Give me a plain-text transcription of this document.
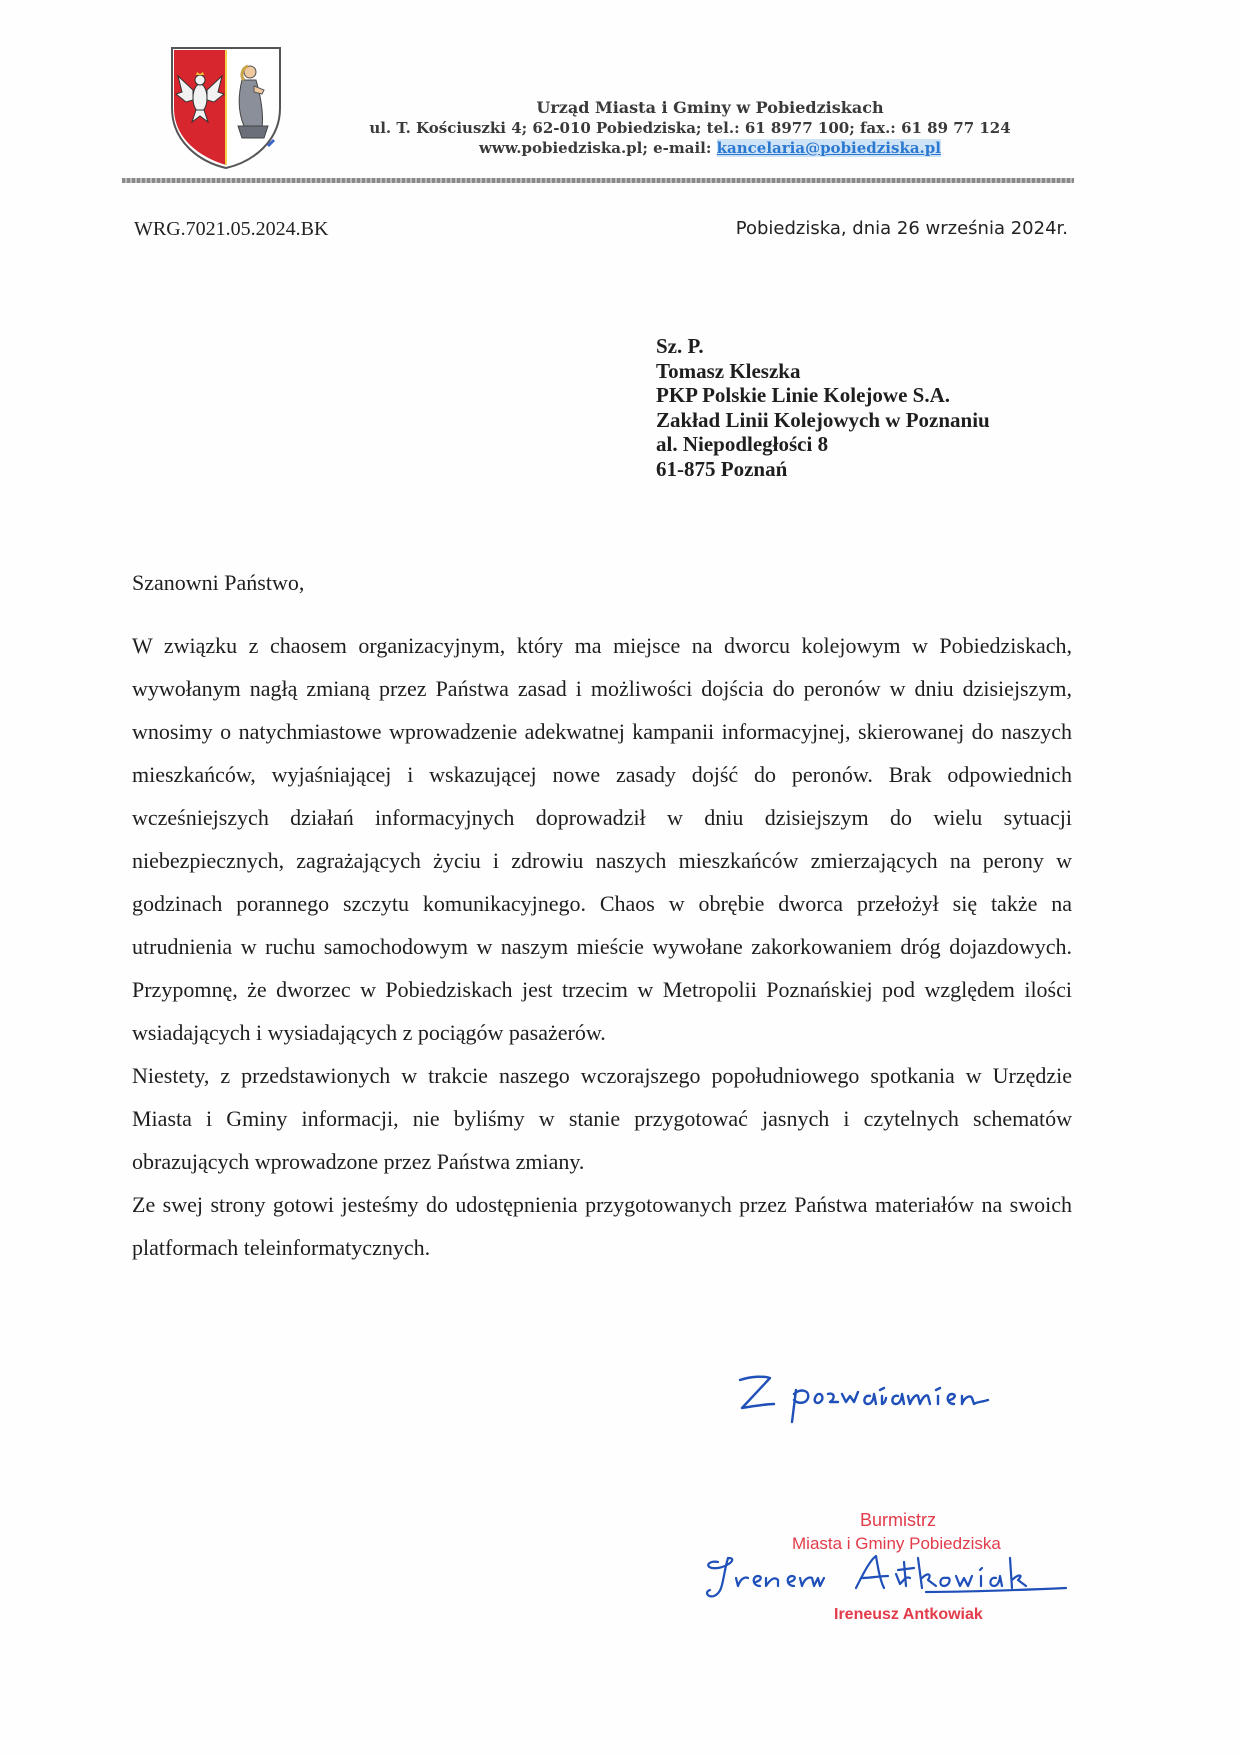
Urząd Miasta i Gminy w Pobiedziskach
ul. T. Kościuszki 4; 62-010 Pobiedziska; tel.: 61 8977 100; fax.: 61 89 77 124
www.pobiedziska.pl; e-mail: kancelaria@pobiedziska.pl
WRG.7021.05.2024.BK	Pobiedziska, dnia 26 września 2024r.
Sz. P.
Tomasz Kleszka
PKP Polskie Linie Kolejowe S.A.
Zakład Linii Kolejowych w Poznaniu
al. Niepodległości 8
61-875 Poznań
Szanowni Państwo,

W związku z chaosem organizacyjnym, który ma miejsce na dworcu kolejowym w Pobiedziskach, wywołanym nagłą zmianą przez Państwa zasad i możliwości dojścia do peronów w dniu dzisiejszym, wnosimy o natychmiastowe wprowadzenie adekwatnej kampanii informacyjnej, skierowanej do naszych mieszkańców, wyjaśniającej i wskazującej nowe zasady dojść do peronów. Brak odpowiednich wcześniejszych działań informacyjnych doprowadził w dniu dzisiejszym do wielu sytuacji niebezpiecznych, zagrażających życiu i zdrowiu naszych mieszkańców zmierzających na perony w godzinach porannego szczytu komunikacyjnego. Chaos w obrębie dworca przełożył się także na utrudnienia w ruchu samochodowym w naszym mieście wywołane zakorkowaniem dróg dojazdowych. Przypomnę, że dworzec w Pobiedziskach jest trzecim w Metropolii Poznańskiej pod względem ilości wsiadających i wysiadających z pociągów pasażerów.

Niestety, z przedstawionych w trakcie naszego wczorajszego popołudniowego spotkania w Urzędzie Miasta i Gminy informacji, nie byliśmy w stanie przygotować jasnych i czytelnych schematów obrazujących wprowadzone przez Państwa zmiany.

Ze swej strony gotowi jesteśmy do udostępnienia przygotowanych przez Państwa materiałów na swoich platformach teleinformatycznych.

Burmistrz
Miasta i Gminy Pobiedziska
Ireneusz Antkowiak
